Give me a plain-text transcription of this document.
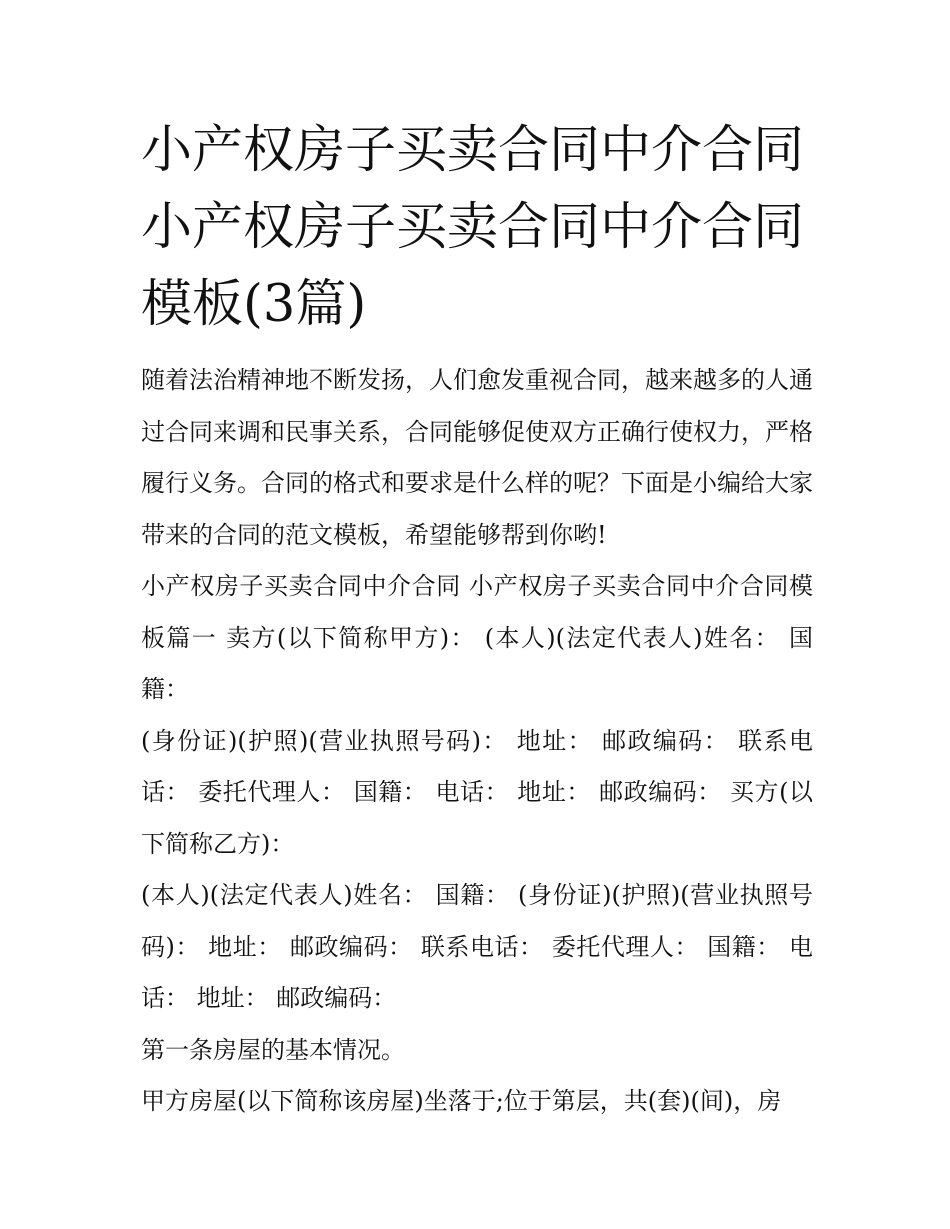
小产权房子买卖合同中介合同小产权房子买卖合同中介合同模板(3篇)

随着法治精神地不断发扬，人们愈发重视合同，越来越多的人通过合同来调和民事关系，合同能够促使双方正确行使权力，严格履行义务。合同的格式和要求是什么样的呢？下面是小编给大家带来的合同的范文模板，希望能够帮到你哟!

小产权房子买卖合同中介合同 小产权房子买卖合同中介合同模板篇一 卖方(以下简称甲方)： (本人)(法定代表人)姓名： 国籍：

(身份证)(护照)(营业执照号码)： 地址： 邮政编码： 联系电话： 委托代理人： 国籍： 电话： 地址： 邮政编码： 买方(以下简称乙方)：

(本人)(法定代表人)姓名： 国籍： (身份证)(护照)(营业执照号码)： 地址： 邮政编码： 联系电话： 委托代理人： 国籍： 电话： 地址： 邮政编码：

第一条房屋的基本情况。

甲方房屋(以下简称该房屋)坐落于;位于第层，共(套)(间)，房
